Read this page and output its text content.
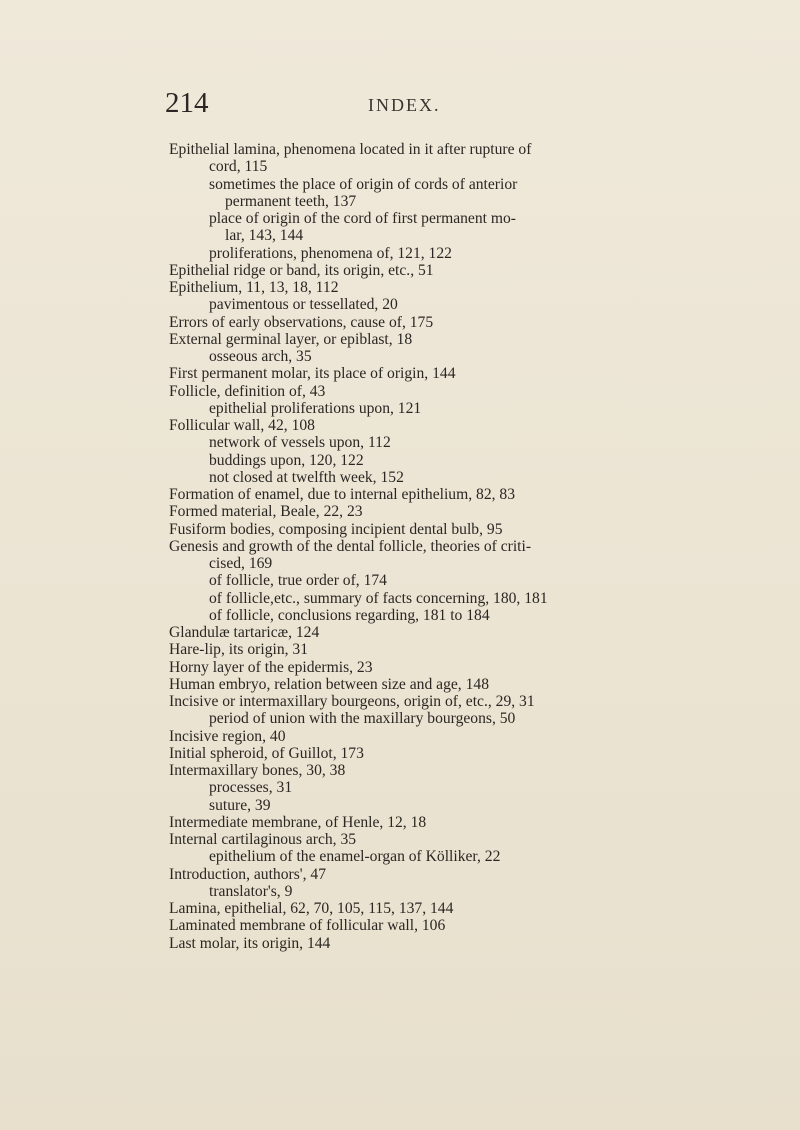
214	INDEX.
Epithelial lamina, phenomena located in it after rupture of
cord, 115
sometimes the place of origin of cords of anterior
permanent teeth, 137
place of origin of the cord of first permanent mo-
lar, 143, 144
proliferations, phenomena of, 121, 122
Epithelial ridge or band, its origin, etc., 51
Epithelium, 11, 13, 18, 112
pavimentous or tessellated, 20
Errors of early observations, cause of, 175
External germinal layer, or epiblast, 18
osseous arch, 35
First permanent molar, its place of origin, 144
Follicle, definition of, 43
epithelial proliferations upon, 121
Follicular wall, 42, 108
network of vessels upon, 112
buddings upon, 120, 122
not closed at twelfth week, 152
Formation of enamel, due to internal epithelium, 82, 83
Formed material, Beale, 22, 23
Fusiform bodies, composing incipient dental bulb, 95
Genesis and growth of the dental follicle, theories of criti-
cised, 169
of follicle, true order of, 174
of follicle,etc., summary of facts concerning, 180, 181
of follicle, conclusions regarding, 181 to 184
Glandulæ tartaricæ, 124
Hare-lip, its origin, 31
Horny layer of the epidermis, 23
Human embryo, relation between size and age, 148
Incisive or intermaxillary bourgeons, origin of, etc., 29, 31
period of union with the maxillary bourgeons, 50
Incisive region, 40
Initial spheroid, of Guillot, 173
Intermaxillary bones, 30, 38
processes, 31
suture, 39
Intermediate membrane, of Henle, 12, 18
Internal cartilaginous arch, 35
epithelium of the enamel-organ of Kölliker, 22
Introduction, authors', 47
translator's, 9
Lamina, epithelial, 62, 70, 105, 115, 137, 144
Laminated membrane of follicular wall, 106
Last molar, its origin, 144
